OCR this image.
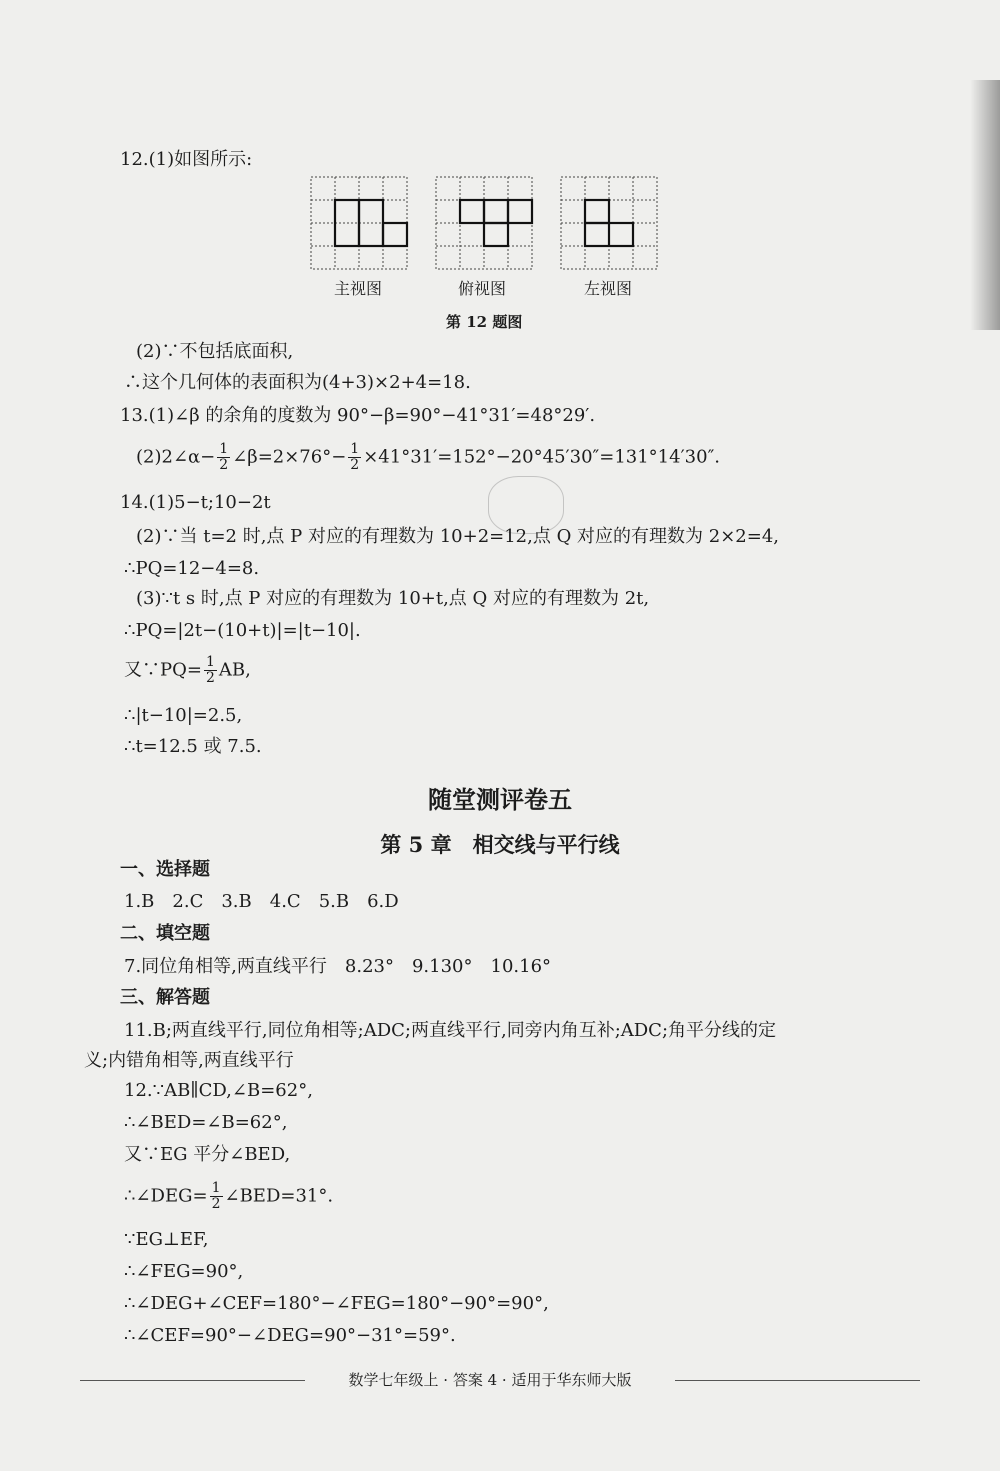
12.(1)如图所示:
主视图	俯视图	左视图
第 12 题图
(2)∵不包括底面积,
∴这个几何体的表面积为(4+3)×2+4=18.
13.(1)∠β 的余角的度数为 90°−β=90°−41°31′=48°29′.
(2)2∠α− $\frac{1}{2}$ ∠β=2×76°− $\frac{1}{2} \times 41^\circ 31'=152^\circ-20^\circ 45'30''=131^\circ 14'30''$.
14.(1)5−t;10−2t
(2)∵当 t=2 时,点 P 对应的有理数为 10+2=12,点 Q 对应的有理数为 2×2=4,
∴PQ=12−4=8.
(3)∵t s 时,点 P 对应的有理数为 10+t,点 Q 对应的有理数为 2t,
∴PQ=|2t−(10+t)|=|t−10|.
又∵PQ= $\frac{1}{2}$ AB,
∴|t−10|=2.5,
∴t=12.5 或 7.5.
随堂测评卷五
第 5 章　相交线与平行线
一、选择题
1.B　2.C　3.B　4.C　5.B　6.D
二、填空题
7.同位角相等,两直线平行　8.23°　9.130°　10.16°
三、解答题
11.B;两直线平行,同位角相等;ADC;两直线平行,同旁内角互补;ADC;角平分线的定
义;内错角相等,两直线平行
12.∵AB∥CD,∠B=62°,
∴∠BED=∠B=62°,
又∵EG 平分∠BED,
∴∠DEG= $\frac{1}{2}$ ∠BED=31°.
∵EG⊥EF,
∴∠FEG=90°,
∴∠DEG+∠CEF=180°−∠FEG=180°−90°=90°,
∴∠CEF=90°−∠DEG=90°−31°=59°.
数学七年级上 · 答案 4 · 适用于华东师大版
